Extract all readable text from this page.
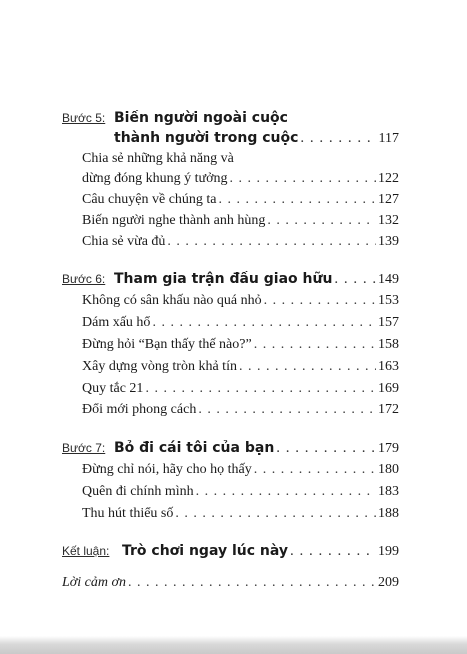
Bước 5: Biến người ngoài cuộc
thành người trong cuộc . . .	117
Chia sẻ những khả năng và
dừng đóng khung ý tưởng . . .	122
Câu chuyện về chúng ta . . .	127
Biến người nghe thành anh hùng . . .	132
Chia sẻ vừa đủ . . .	139
Bước 6: Tham gia trận đấu giao hữu . . .	149
Không có sân khấu nào quá nhỏ . . .	153
Dám xấu hổ . . .	157
Đừng hỏi “Bạn thấy thế nào?” . . .	158
Xây dựng vòng tròn khả tín . . .	163
Quy tắc 21 . . .	169
Đổi mới phong cách . . .	172
Bước 7: Bỏ đi cái tôi của bạn . . .	179
Đừng chỉ nói, hãy cho họ thấy . . .	180
Quên đi chính mình . . .	183
Thu hút thiểu số . . .	188
Kết luận: Trò chơi ngay lúc này . . .	199
Lời cảm ơn . . .	209
